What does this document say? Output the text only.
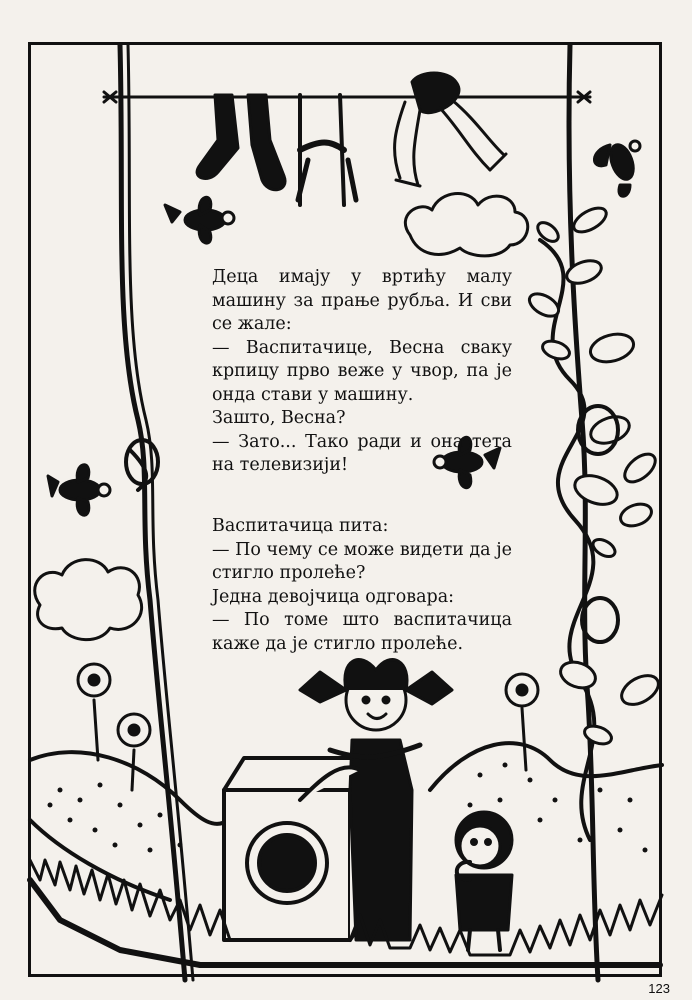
Деца имају у вртићу малу машину за прање рубља. И сви се жале:

— Васпитачице, Весна сваку крпицу прво веже у чвор, па је онда стави у машину.

Зашто, Весна?

— Зато... Тако ради и она тета на телевизији!

Васпитачица пита:

— По чему се може видети да је стигло пролеће?

Једна девојчица одговара:

— По томе што васпитачица каже да је стигло пролеће.

123
